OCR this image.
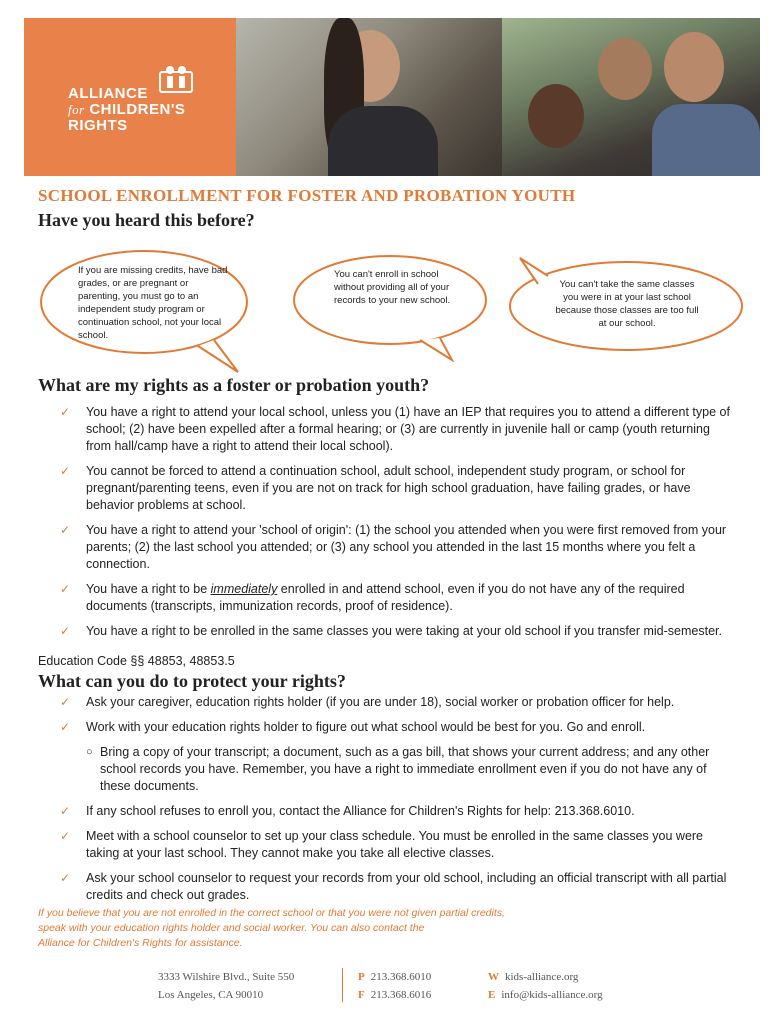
ALLIANCE
for CHILDREN'S
RIGHTS
SCHOOL ENROLLMENT FOR FOSTER AND PROBATION YOUTH
Have you heard this before?
If you are missing credits, have bad grades, or are pregnant or parenting, you must go to an independent study program or continuation school, not your local school.
You can't enroll in school without providing all of your records to your new school.
You can't take the same classes you were in at your last school because those classes are too full at our school.
What are my rights as a foster or probation youth?
✓ You have a right to attend your local school, unless you (1) have an IEP that requires you to attend a different type of school; (2) have been expelled after a formal hearing; or (3) are currently in juvenile hall or camp (youth returning from hall/camp have a right to attend their local school).
✓ You cannot be forced to attend a continuation school, adult school, independent study program, or school for pregnant/parenting teens, even if you are not on track for high school graduation, have failing grades, or have behavior problems at school.
✓ You have a right to attend your 'school of origin': (1) the school you attended when you were first removed from your parents; (2) the last school you attended; or (3) any school you attended in the last 15 months where you felt a connection.
✓ You have a right to be immediately enrolled in and attend school, even if you do not have any of the required documents (transcripts, immunization records, proof of residence).
✓ You have a right to be enrolled in the same classes you were taking at your old school if you transfer mid-semester.
Education Code §§ 48853, 48853.5
What can you do to protect your rights?
✓ Ask your caregiver, education rights holder (if you are under 18), social worker or probation officer for help.
✓ Work with your education rights holder to figure out what school would be best for you. Go and enroll.
○ Bring a copy of your transcript; a document, such as a gas bill, that shows your current address; and any other school records you have. Remember, you have a right to immediate enrollment even if you do not have any of these documents.
✓ If any school refuses to enroll you, contact the Alliance for Children's Rights for help: 213.368.6010.
✓ Meet with a school counselor to set up your class schedule. You must be enrolled in the same classes you were taking at your last school. They cannot make you take all elective classes.
✓ Ask your school counselor to request your records from your old school, including an official transcript with all partial credits and check out grades.
If you believe that you are not enrolled in the correct school or that you were not given partial credits,
speak with your education rights holder and social worker. You can also contact the
Alliance for Children's Rights for assistance.
3333 Wilshire Blvd., Suite 550
Los Angeles, CA 90010
P 213.368.6010
F 213.368.6016
W kids-alliance.org
E info@kids-alliance.org
